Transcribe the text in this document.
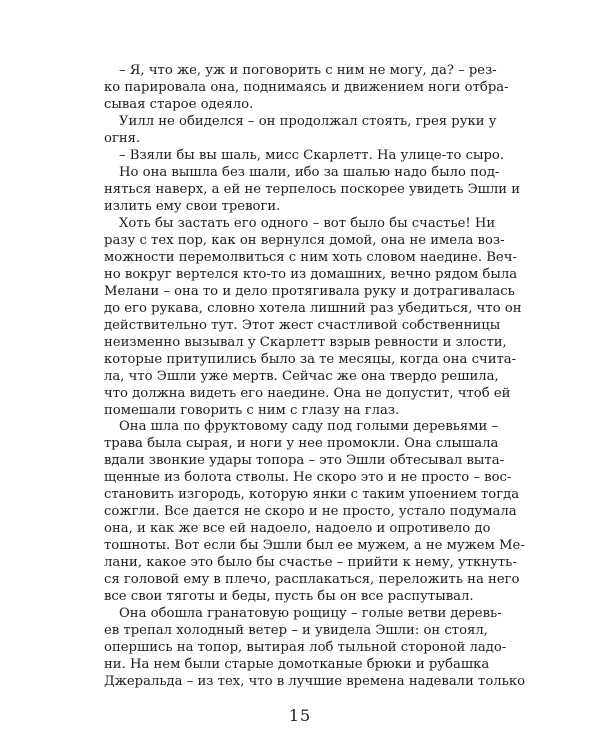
– Я, что же, уж и поговорить с ним не могу, да? – рез-
ко парировала она, поднимаясь и движением ноги отбра-
сывая старое одеяло.
Уилл не обиделся – он продолжал стоять, грея руки у
огня.
– Взяли бы вы шаль, мисс Скарлетт. На улице-то сыро.
Но она вышла без шали, ибо за шалью надо было под-
няться наверх, а ей не терпелось поскорее увидеть Эшли и
излить ему свои тревоги.
Хоть бы застать его одного – вот было бы счастье! Ни
разу с тех пор, как он вернулся домой, она не имела воз-
можности перемолвиться с ним хоть словом наедине. Веч-
но вокруг вертелся кто-то из домашних, вечно рядом была
Мелани – она то и дело протягивала руку и дотрагивалась
до его рукава, словно хотела лишний раз убедиться, что он
действительно тут. Этот жест счастливой собственницы
неизменно вызывал у Скарлетт взрыв ревности и злости,
которые притупились было за те месяцы, когда она счита-
ла, что Эшли уже мертв. Сейчас же она твердо решила,
что должна видеть его наедине. Она не допустит, чтоб ей
помешали говорить с ним с глазу на глаз.
Она шла по фруктовому саду под голыми деревьями –
трава была сырая, и ноги у нее промокли. Она слышала
вдали звонкие удары топора – это Эшли обтесывал выта-
щенные из болота стволы. Не скоро это и не просто – вос-
становить изгородь, которую янки с таким упоением тогда
сожгли. Все дается не скоро и не просто, устало подумала
она, и как же все ей надоело, надоело и опротивело до
тошноты. Вот если бы Эшли был ее мужем, а не мужем Ме-
лани, какое это было бы счастье – прийти к нему, уткнуть-
ся головой ему в плечо, расплакаться, переложить на него
все свои тяготы и беды, пусть бы он все распутывал.
Она обошла гранатовую рощицу – голые ветви деревь-
15
ев трепал холодный ветер – и увидела Эшли: он стоял,
опершись на топор, вытирая лоб тыльной стороной ладо-
ни. На нем были старые домотканые брюки и рубашка
Джеральда – из тех, что в лучшие времена надевали только
